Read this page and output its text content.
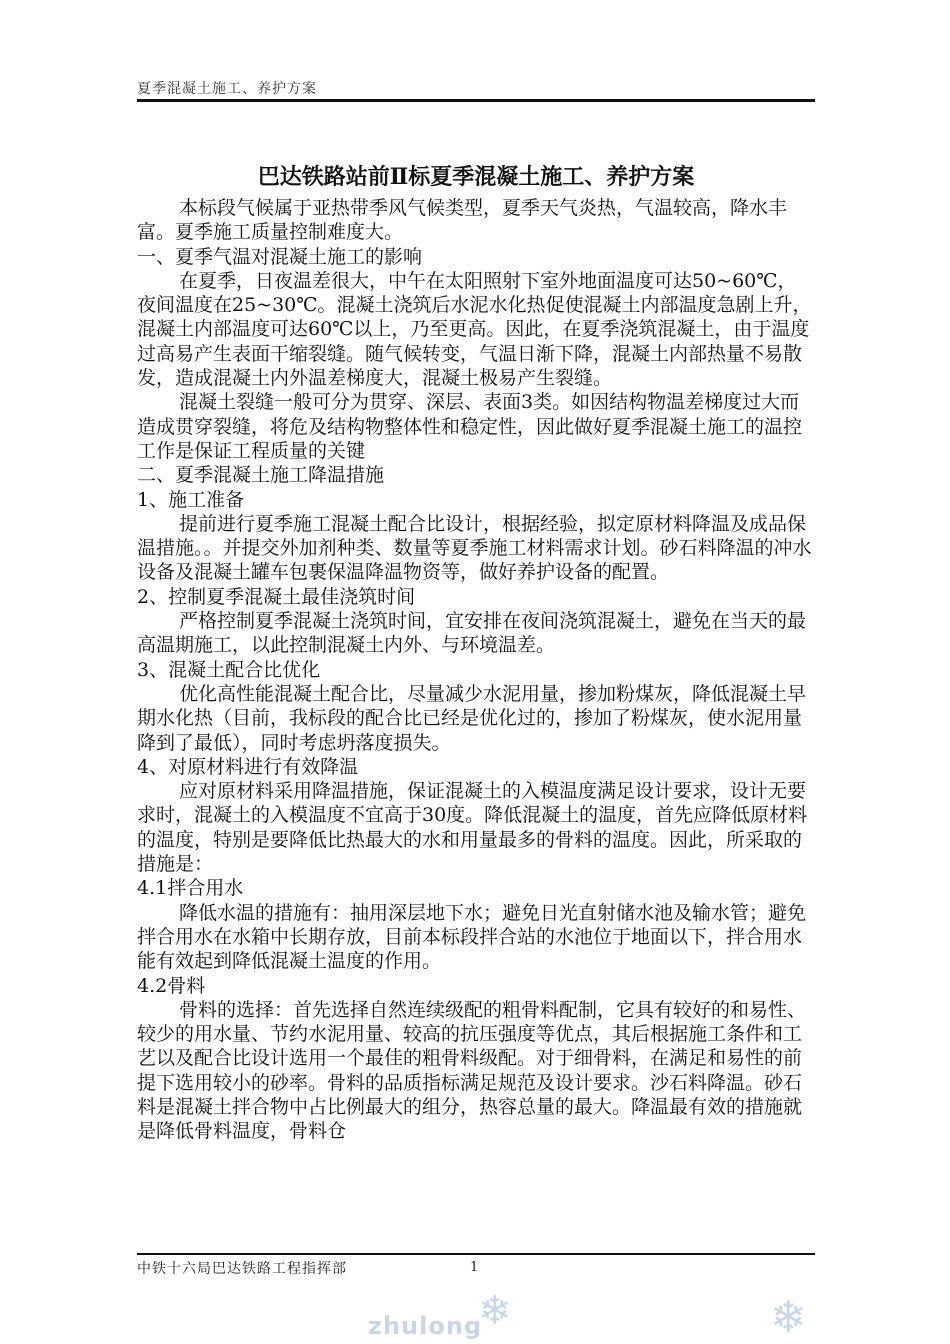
夏季混凝土施工、养护方案
巴达铁路站前Ⅱ标夏季混凝土施工、养护方案

本标段气候属于亚热带季风气候类型，夏季天气炎热，气温较高，降水丰富。夏季施工质量控制难度大。

一、夏季气温对混凝土施工的影响

在夏季，日夜温差很大，中午在太阳照射下室外地面温度可达50~60℃，夜间温度在25~30℃。混凝土浇筑后水泥水化热促使混凝土内部温度急剧上升，混凝土内部温度可达60℃以上，乃至更高。因此，在夏季浇筑混凝土，由于温度过高易产生表面干缩裂缝。随气候转变，气温日渐下降，混凝土内部热量不易散发，造成混凝土内外温差梯度大，混凝土极易产生裂缝。

混凝土裂缝一般可分为贯穿、深层、表面3类。如因结构物温差梯度过大而造成贯穿裂缝，将危及结构物整体性和稳定性，因此做好夏季混凝土施工的温控工作是保证工程质量的关键

二、夏季混凝土施工降温措施

1、施工准备

提前进行夏季施工混凝土配合比设计，根据经验，拟定原材料降温及成品保温措施。。并提交外加剂种类、数量等夏季施工材料需求计划。砂石料降温的冲水设备及混凝土罐车包裹保温降温物资等，做好养护设备的配置。

2、控制夏季混凝土最佳浇筑时间

严格控制夏季混凝土浇筑时间，宜安排在夜间浇筑混凝土，避免在当天的最高温期施工，以此控制混凝土内外、与环境温差。

3、混凝土配合比优化

优化高性能混凝土配合比，尽量减少水泥用量，掺加粉煤灰，降低混凝土早期水化热（目前，我标段的配合比已经是优化过的，掺加了粉煤灰，使水泥用量降到了最低），同时考虑坍落度损失。

4、对原材料进行有效降温

应对原材料采用降温措施，保证混凝土的入模温度满足设计要求，设计无要求时，混凝土的入模温度不宜高于30度。降低混凝土的温度，首先应降低原材料的温度，特别是要降低比热最大的水和用量最多的骨料的温度。因此，所采取的措施是：

4.1拌合用水

降低水温的措施有：抽用深层地下水；避免日光直射储水池及输水管；避免拌合用水在水箱中长期存放，目前本标段拌合站的水池位于地面以下，拌合用水能有效起到降低混凝土温度的作用。

4.2骨料

骨料的选择：首先选择自然连续级配的粗骨料配制，它具有较好的和易性、较少的用水量、节约水泥用量、较高的抗压强度等优点，其后根据施工条件和工艺以及配合比设计选用一个最佳的粗骨料级配。对于细骨料，在满足和易性的前提下选用较小的砂率。骨料的品质指标满足规范及设计要求。沙石料降温。砂石料是混凝土拌合物中占比例最大的组分，热容总量的最大。降温最有效的措施就是降低骨料温度，骨料仓

中铁十六局巴达铁路工程指挥部	1
❄	❄
zhulong
